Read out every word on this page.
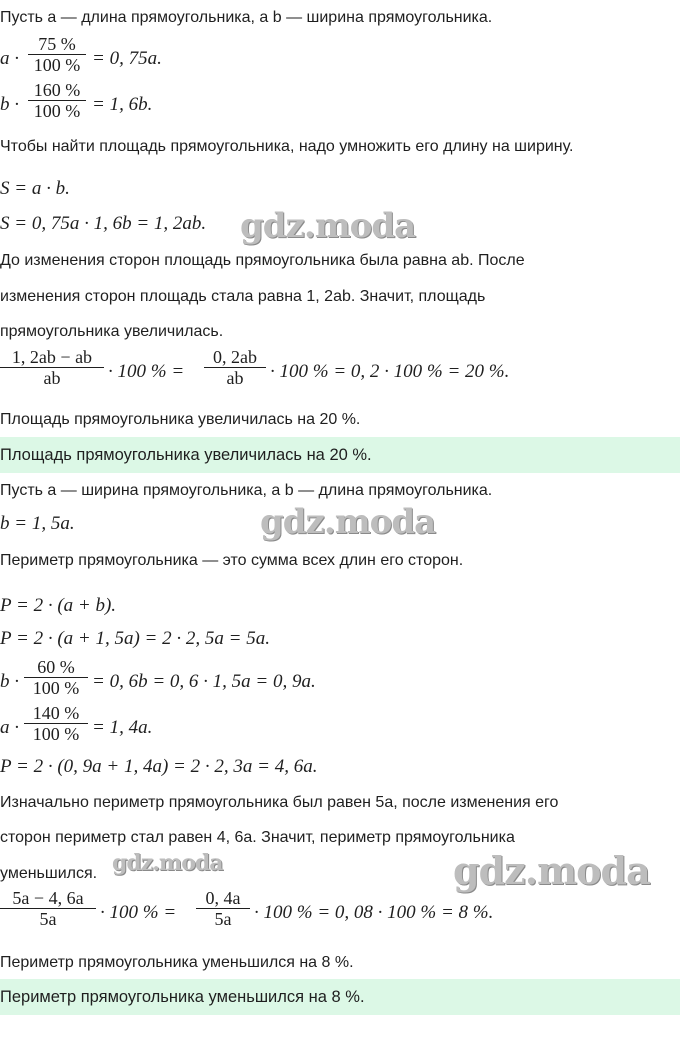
Пусть a — длина прямоугольника, а b — ширина прямоугольника.
a ·
75 %
100 % = 0, 75a.
b ·
160 %
100 % = 1, 6b.
Чтобы найти площадь прямоугольника, надо умножить его длину на ширину.
S = a · b.
S = 0, 75a · 1, 6b = 1, 2ab. gdz.moda
До изменения сторон площадь прямоугольника была равна ab. После
изменения сторон площадь стала равна 1, 2ab. Значит, площадь
прямоугольника увеличилась.
1, 2ab − ab
ab	· 100 % =
0, 2ab
ab	· 100 % = 0, 2 · 100 % = 20 %.
Площадь прямоугольника увеличилась на 20 %.
Площадь прямоугольника увеличилась на 20 %.
Пусть a — ширина прямоугольника, а b — длина прямоугольника.
b = 1, 5a.	gdz.moda
Периметр прямоугольника — это сумма всех длин его сторон.
P = 2 · (a + b).
P = 2 · (a + 1, 5a) = 2 · 2, 5a = 5a.
b ·
60 %
100 % = 0, 6b = 0, 6 · 1, 5a = 0, 9a.
a ·
140 %
100 % = 1, 4a.
P = 2 · (0, 9a + 1, 4a) = 2 · 2, 3a = 4, 6a.
Изначально периметр прямоугольника был равен 5a, после изменения его
сторон периметр стал равен 4, 6a. Значит, периметр прямоугольника
уменьшился. gdz.moda	gdz.moda
5a − 4, 6a
5a	· 100 % =
0, 4a
5a	· 100 % = 0, 08 · 100 % = 8 %.
Периметр прямоугольника уменьшился на 8 %.
Периметр прямоугольника уменьшился на 8 %.
